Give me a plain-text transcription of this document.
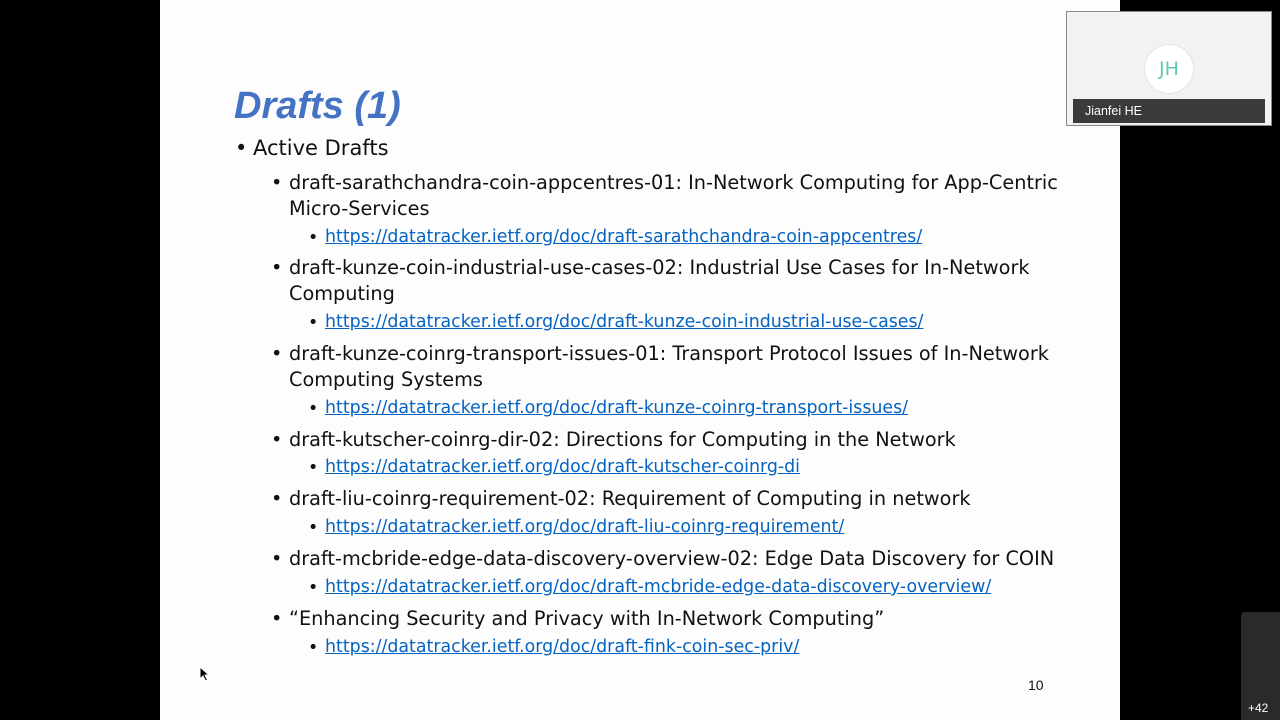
Drafts (1)
• Active Drafts
• draft-sarathchandra-coin-appcentres-01: In-Network Computing for App-Centric
Micro-Services
• https://datatracker.ietf.org/doc/draft-sarathchandra-coin-appcentres/
• draft-kunze-coin-industrial-use-cases-02: Industrial Use Cases for In-Network
Computing
• https://datatracker.ietf.org/doc/draft-kunze-coin-industrial-use-cases/
• draft-kunze-coinrg-transport-issues-01: Transport Protocol Issues of In-Network
Computing Systems
• https://datatracker.ietf.org/doc/draft-kunze-coinrg-transport-issues/
• draft-kutscher-coinrg-dir-02: Directions for Computing in the Network
• https://datatracker.ietf.org/doc/draft-kutscher-coinrg-di
• draft-liu-coinrg-requirement-02: Requirement of Computing in network
• https://datatracker.ietf.org/doc/draft-liu-coinrg-requirement/
• draft-mcbride-edge-data-discovery-overview-02: Edge Data Discovery for COIN
• https://datatracker.ietf.org/doc/draft-mcbride-edge-data-discovery-overview/
• “Enhancing Security and Privacy with In-Network Computing”
• https://datatracker.ietf.org/doc/draft-fink-coin-sec-priv/
10
JH
Jianfei HE
+42
